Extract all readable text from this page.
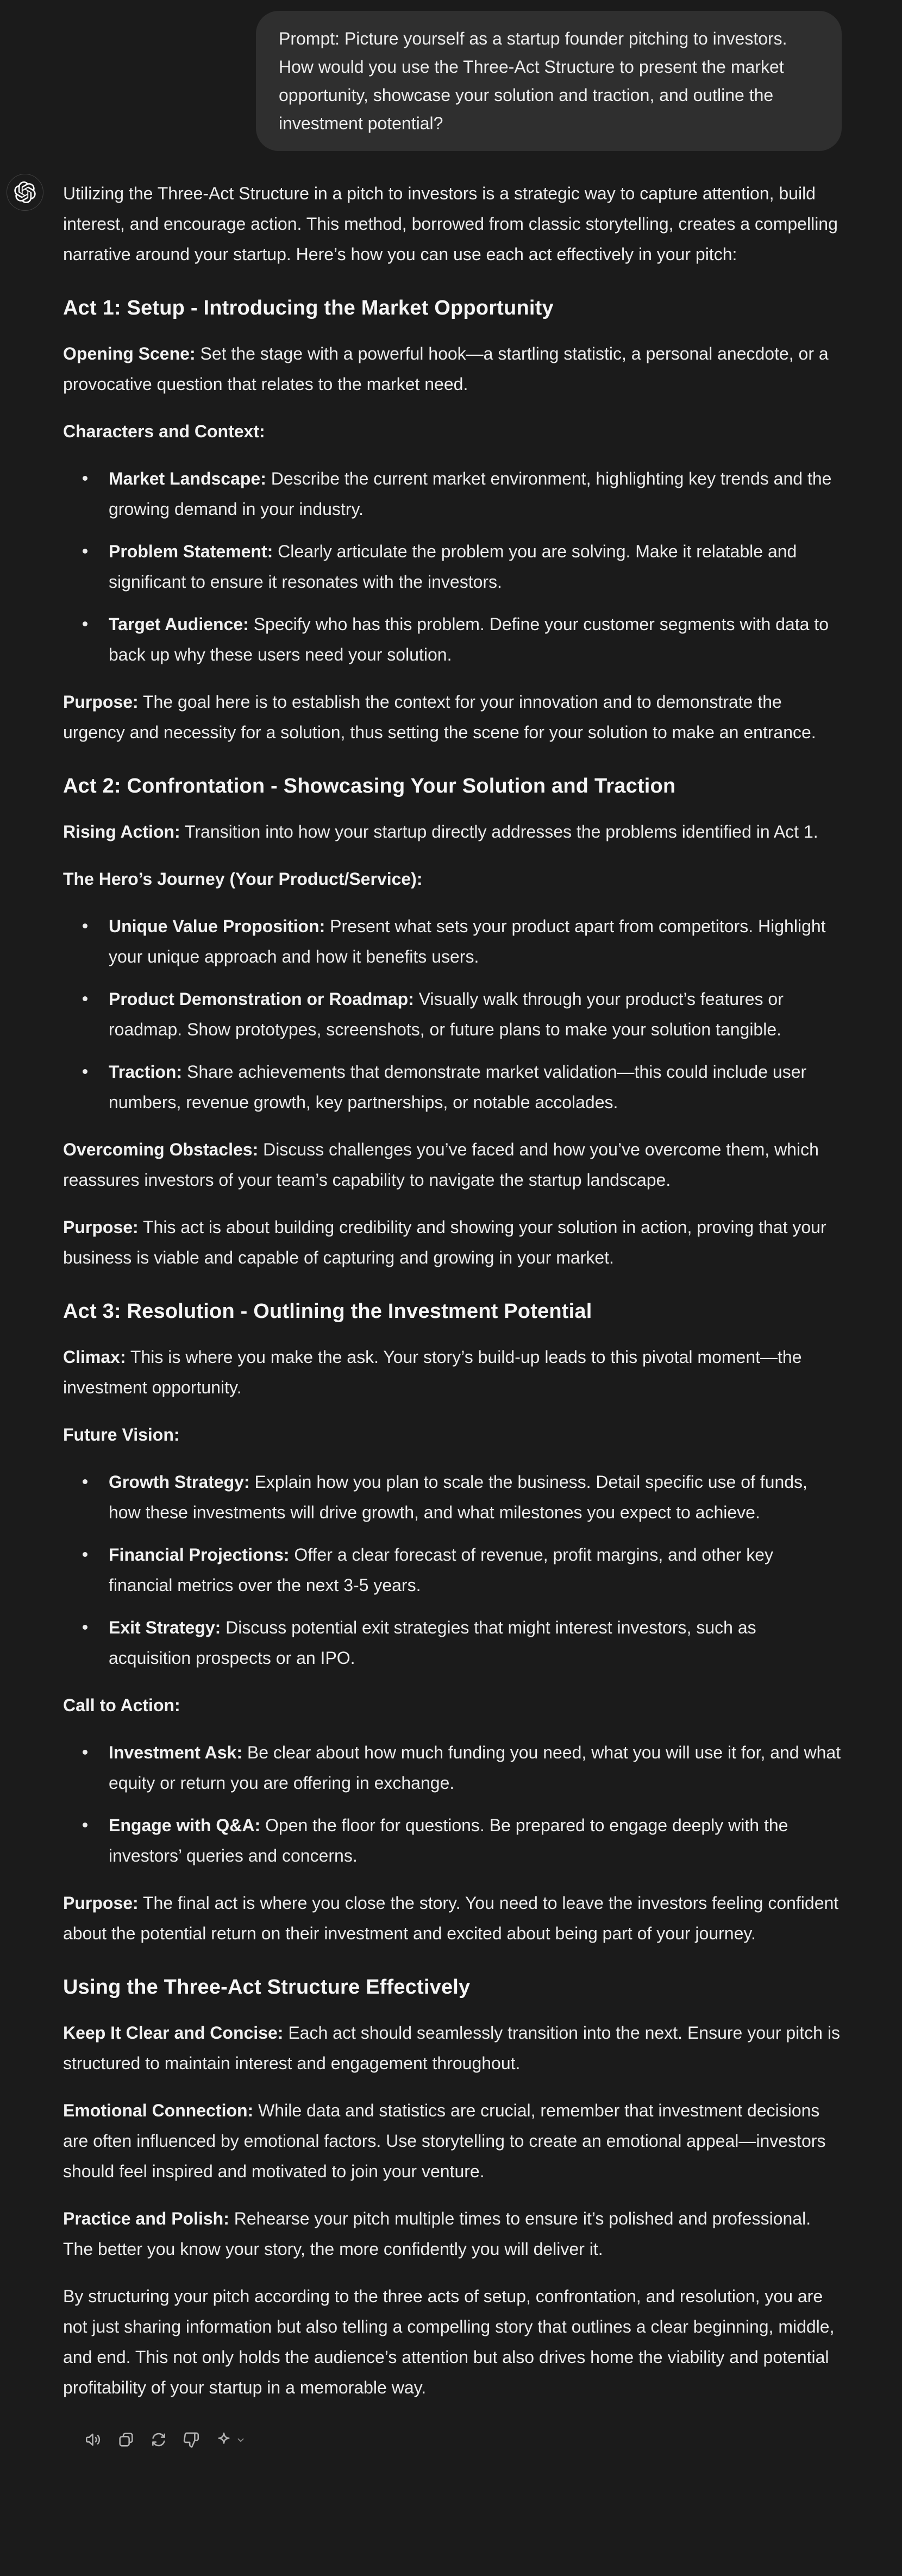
Prompt: Picture yourself as a startup founder pitching to investors. How would you use the Three-Act Structure to present the market opportunity, showcase your solution and traction, and outline the investment potential?

Utilizing the Three-Act Structure in a pitch to investors is a strategic way to capture attention, build interest, and encourage action. This method, borrowed from classic storytelling, creates a compelling narrative around your startup. Here’s how you can use each act effectively in your pitch:

Act 1: Setup - Introducing the Market Opportunity

Opening Scene: Set the stage with a powerful hook—a startling statistic, a personal anecdote, or a provocative question that relates to the market need.

Characters and Context:

Market Landscape: Describe the current market environment, highlighting key trends and the growing demand in your industry.
Problem Statement: Clearly articulate the problem you are solving. Make it relatable and significant to ensure it resonates with the investors.
Target Audience: Specify who has this problem. Define your customer segments with data to back up why these users need your solution.

Purpose: The goal here is to establish the context for your innovation and to demonstrate the urgency and necessity for a solution, thus setting the scene for your solution to make an entrance.

Act 2: Confrontation - Showcasing Your Solution and Traction

Rising Action: Transition into how your startup directly addresses the problems identified in Act 1.

The Hero’s Journey (Your Product/Service):

Unique Value Proposition: Present what sets your product apart from competitors. Highlight your unique approach and how it benefits users.
Product Demonstration or Roadmap: Visually walk through your product’s features or roadmap. Show prototypes, screenshots, or future plans to make your solution tangible.
Traction: Share achievements that demonstrate market validation—this could include user numbers, revenue growth, key partnerships, or notable accolades.

Overcoming Obstacles: Discuss challenges you’ve faced and how you’ve overcome them, which reassures investors of your team’s capability to navigate the startup landscape.

Purpose: This act is about building credibility and showing your solution in action, proving that your business is viable and capable of capturing and growing in your market.

Act 3: Resolution - Outlining the Investment Potential

Climax: This is where you make the ask. Your story’s build-up leads to this pivotal moment—the investment opportunity.

Future Vision:

Growth Strategy: Explain how you plan to scale the business. Detail specific use of funds, how these investments will drive growth, and what milestones you expect to achieve.
Financial Projections: Offer a clear forecast of revenue, profit margins, and other key financial metrics over the next 3-5 years.
Exit Strategy: Discuss potential exit strategies that might interest investors, such as acquisition prospects or an IPO.

Call to Action:

Investment Ask: Be clear about how much funding you need, what you will use it for, and what equity or return you are offering in exchange.
Engage with Q&A: Open the floor for questions. Be prepared to engage deeply with the investors’ queries and concerns.

Purpose: The final act is where you close the story. You need to leave the investors feeling confident about the potential return on their investment and excited about being part of your journey.

Using the Three-Act Structure Effectively

Keep It Clear and Concise: Each act should seamlessly transition into the next. Ensure your pitch is structured to maintain interest and engagement throughout.

Emotional Connection: While data and statistics are crucial, remember that investment decisions are often influenced by emotional factors. Use storytelling to create an emotional appeal—investors should feel inspired and motivated to join your venture.

Practice and Polish: Rehearse your pitch multiple times to ensure it’s polished and professional. The better you know your story, the more confidently you will deliver it.

By structuring your pitch according to the three acts of setup, confrontation, and resolution, you are not just sharing information but also telling a compelling story that outlines a clear beginning, middle, and end. This not only holds the audience’s attention but also drives home the viability and potential profitability of your startup in a memorable way.
